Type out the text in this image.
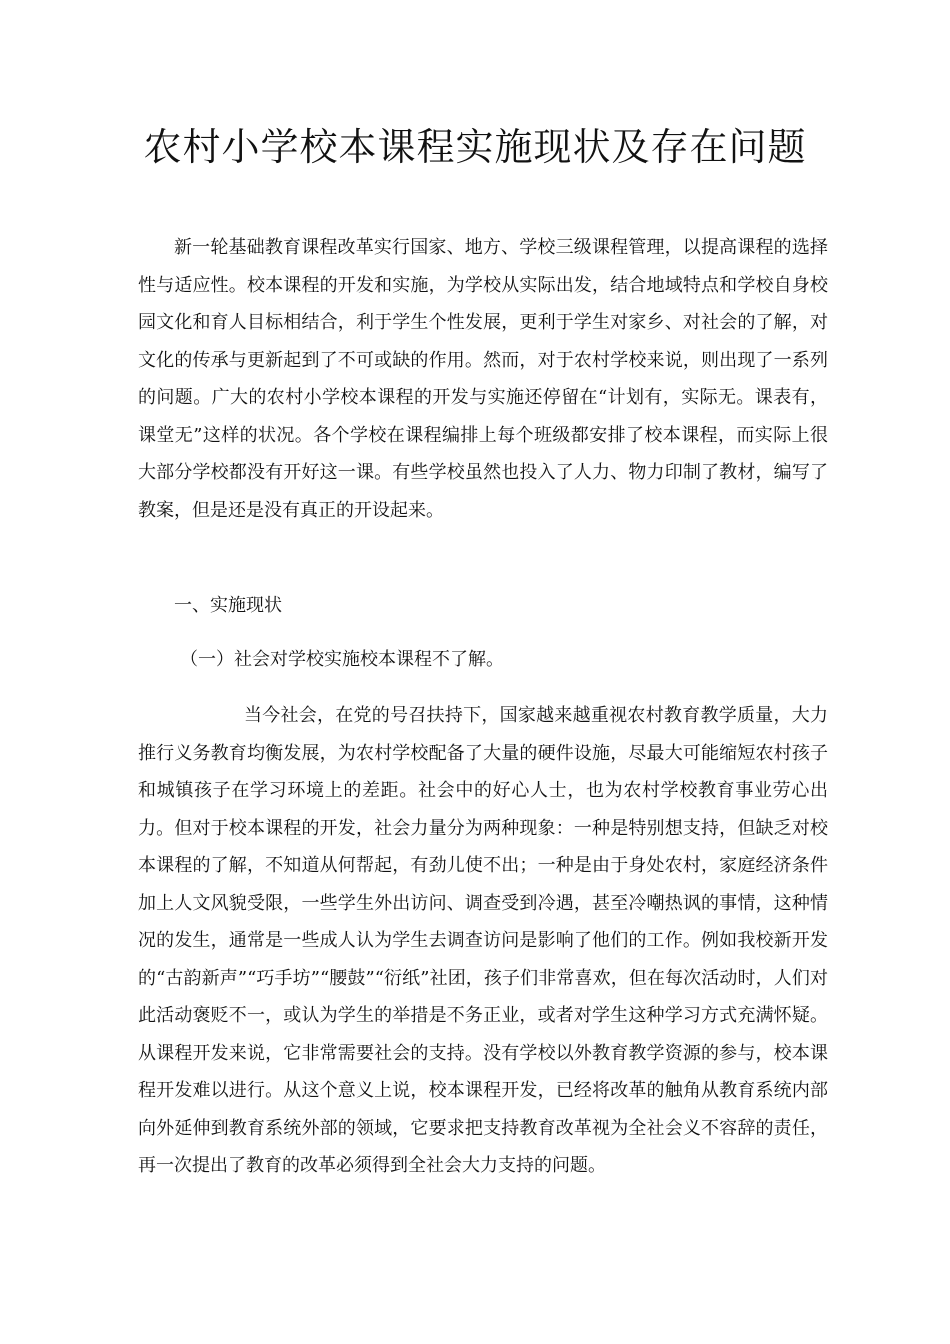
农村小学校本课程实施现状及存在问题

新一轮基础教育课程改革实行国家、地方、学校三级课程管理，以提高课程的选择性与适应性。校本课程的开发和实施，为学校从实际出发，结合地域特点和学校自身校园文化和育人目标相结合，利于学生个性发展，更利于学生对家乡、对社会的了解，对文化的传承与更新起到了不可或缺的作用。然而，对于农村学校来说，则出现了一系列的问题。广大的农村小学校本课程的开发与实施还停留在“计划有，实际无。课表有，课堂无”这样的状况。各个学校在课程编排上每个班级都安排了校本课程，而实际上很大部分学校都没有开好这一课。有些学校虽然也投入了人力、物力印制了教材，编写了教案，但是还是没有真正的开设起来。

一、实施现状

（一）社会对学校实施校本课程不了解。

当今社会，在党的号召扶持下，国家越来越重视农村教育教学质量，大力推行义务教育均衡发展，为农村学校配备了大量的硬件设施，尽最大可能缩短农村孩子和城镇孩子在学习环境上的差距。社会中的好心人士，也为农村学校教育事业劳心出力。但对于校本课程的开发，社会力量分为两种现象：一种是特别想支持，但缺乏对校本课程的了解，不知道从何帮起，有劲儿使不出；一种是由于身处农村，家庭经济条件加上人文风貌受限，一些学生外出访问、调查受到冷遇，甚至冷嘲热讽的事情，这种情况的发生，通常是一些成人认为学生去调查访问是影响了他们的工作。例如我校新开发的“古韵新声”“巧手坊”“腰鼓”“衍纸”社团，孩子们非常喜欢，但在每次活动时，人们对此活动褒贬不一，或认为学生的举措是不务正业，或者对学生这种学习方式充满怀疑。从课程开发来说，它非常需要社会的支持。没有学校以外教育教学资源的参与，校本课程开发难以进行。从这个意义上说，校本课程开发，已经将改革的触角从教育系统内部向外延伸到教育系统外部的领域，它要求把支持教育改革视为全社会义不容辞的责任，再一次提出了教育的改革必须得到全社会大力支持的问题。
